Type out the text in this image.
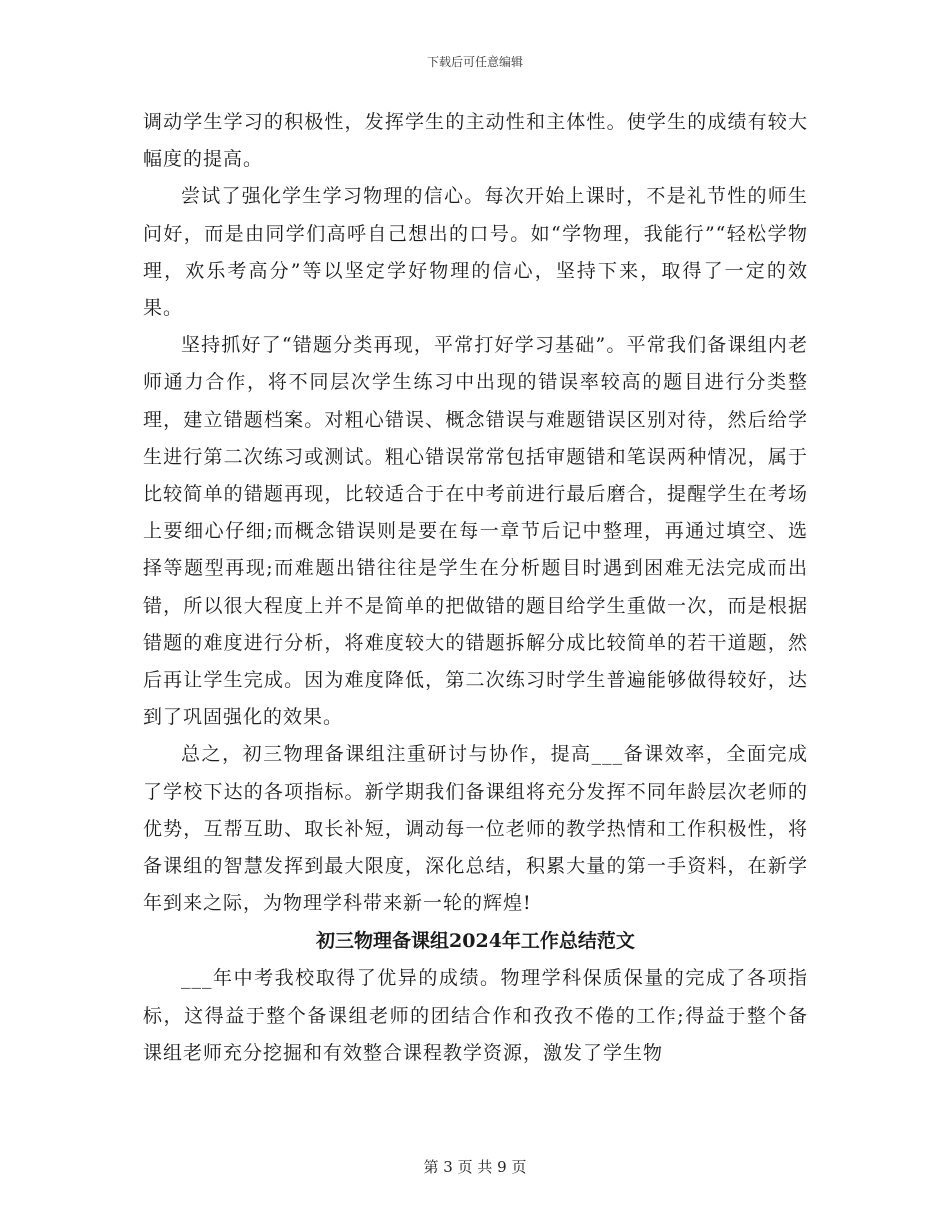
下载后可任意编辑

调动学生学习的积极性，发挥学生的主动性和主体性。使学生的成绩有较大幅度的提高。

尝试了强化学生学习物理的信心。每次开始上课时，不是礼节性的师生问好，而是由同学们高呼自己想出的口号。如“学物理，我能行”“轻松学物理，欢乐考高分”等以坚定学好物理的信心，坚持下来，取得了一定的效果。

坚持抓好了“错题分类再现，平常打好学习基础”。平常我们备课组内老师通力合作，将不同层次学生练习中出现的错误率较高的题目进行分类整理，建立错题档案。对粗心错误、概念错误与难题错误区别对待，然后给学生进行第二次练习或测试。粗心错误常常包括审题错和笔误两种情况，属于比较简单的错题再现，比较适合于在中考前进行最后磨合，提醒学生在考场上要细心仔细;而概念错误则是要在每一章节后记中整理，再通过填空、选择等题型再现;而难题出错往往是学生在分析题目时遇到困难无法完成而出错，所以很大程度上并不是简单的把做错的题目给学生重做一次，而是根据错题的难度进行分析，将难度较大的错题拆解分成比较简单的若干道题，然后再让学生完成。因为难度降低，第二次练习时学生普遍能够做得较好，达到了巩固强化的效果。

总之，初三物理备课组注重研讨与协作，提高___备课效率，全面完成了学校下达的各项指标。新学期我们备课组将充分发挥不同年龄层次老师的优势，互帮互助、取长补短，调动每一位老师的教学热情和工作积极性，将备课组的智慧发挥到最大限度，深化总结，积累大量的第一手资料，在新学年到来之际，为物理学科带来新一轮的辉煌!

初三物理备课组2024年工作总结范文

___年中考我校取得了优异的成绩。物理学科保质保量的完成了各项指标，这得益于整个备课组老师的团结合作和孜孜不倦的工作;得益于整个备课组老师充分挖掘和有效整合课程教学资源，激发了学生物

第 3 页 共 9 页
